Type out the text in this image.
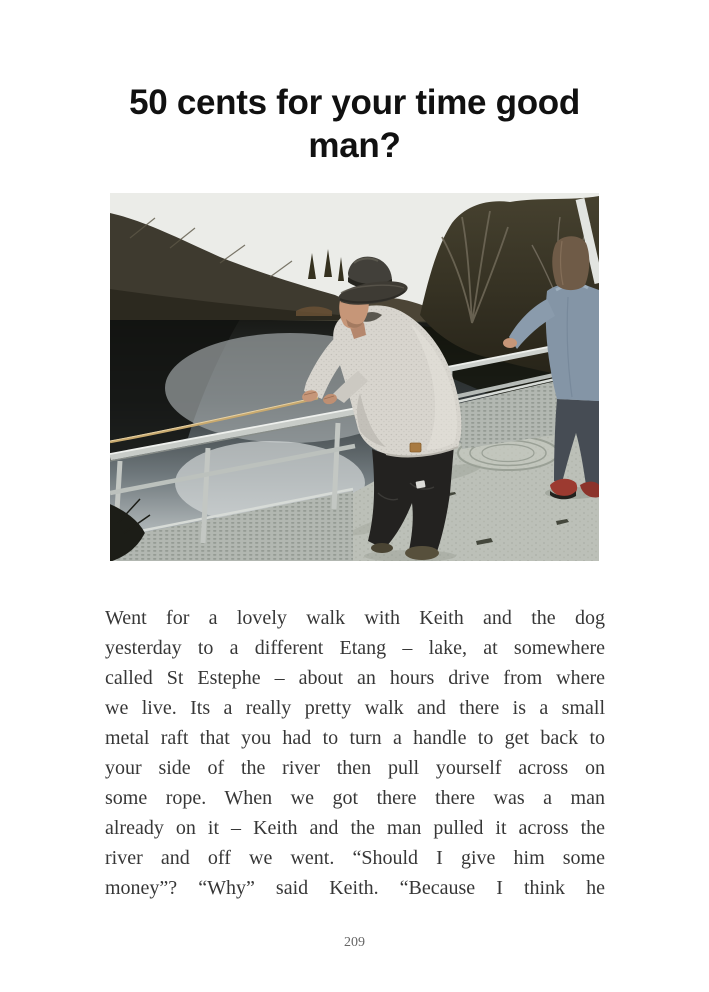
50 cents for your time good
man?
Went for a lovely walk with Keith and the dog
yesterday to a different Etang – lake, at somewhere
called St Estephe – about an hours drive from where
we live. Its a really pretty walk and there is a small
metal raft that you had to turn a handle to get back to
your side of the river then pull yourself across on
some rope. When we got there there was a man
already on it – Keith and the man pulled it across the
river and off we went. “Should I give him some
money”? “Why” said Keith. “Because I think he
209
